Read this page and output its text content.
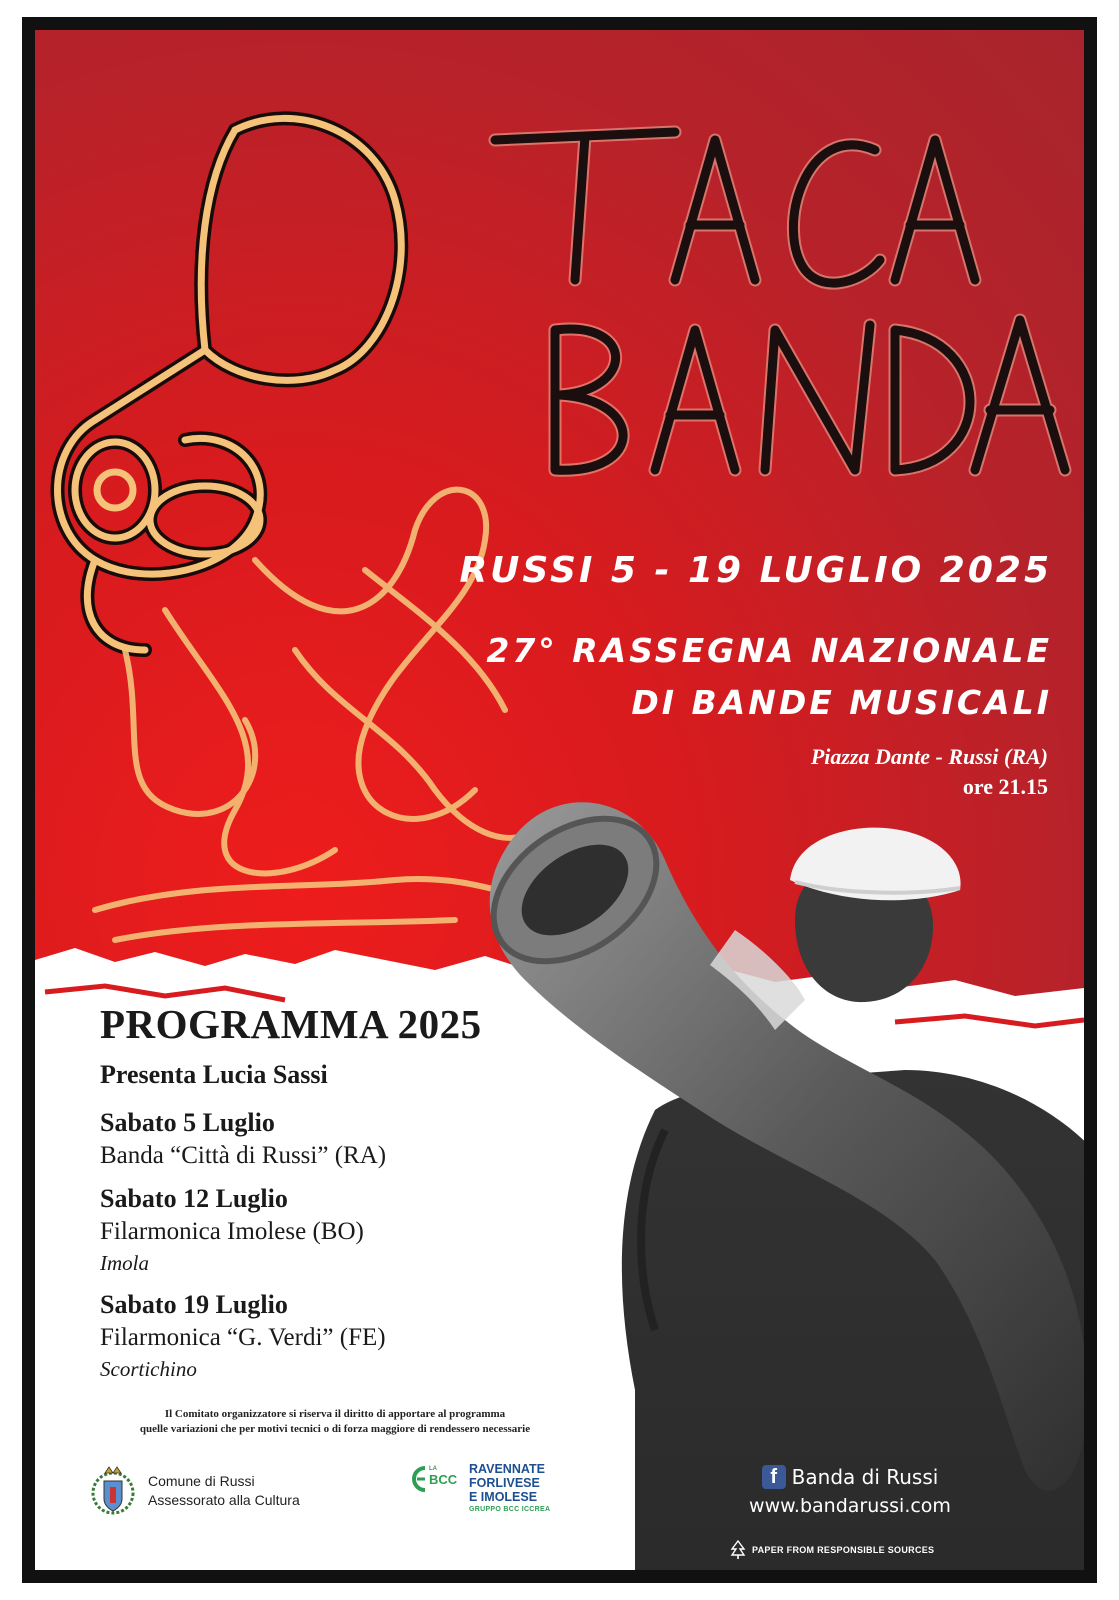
RUSSI 5 - 19 LUGLIO 2025
27° RASSEGNA NAZIONALE
DI BANDE MUSICALI
Piazza Dante - Russi (RA)
ore 21.15
PROGRAMMA 2025
Presenta Lucia Sassi
Sabato 5 Luglio
Banda “Città di Russi” (RA)
Sabato 12 Luglio
Filarmonica Imolese (BO)
Imola
Sabato 19 Luglio
Filarmonica “G. Verdi” (FE)
Scortichino
Il Comitato organizzatore si riserva il diritto di apportare al programma
quelle variazioni che per motivi tecnici o di forza maggiore di rendessero necessarie
Comune di Russi
Assessorato alla Cultura
LA
BCC
RAVENNATE
FORLIVESE
E IMOLESE
GRUPPO BCC ICCREA
f Banda di Russi
www.bandarussi.com
PAPER FROM RESPONSIBLE SOURCES
